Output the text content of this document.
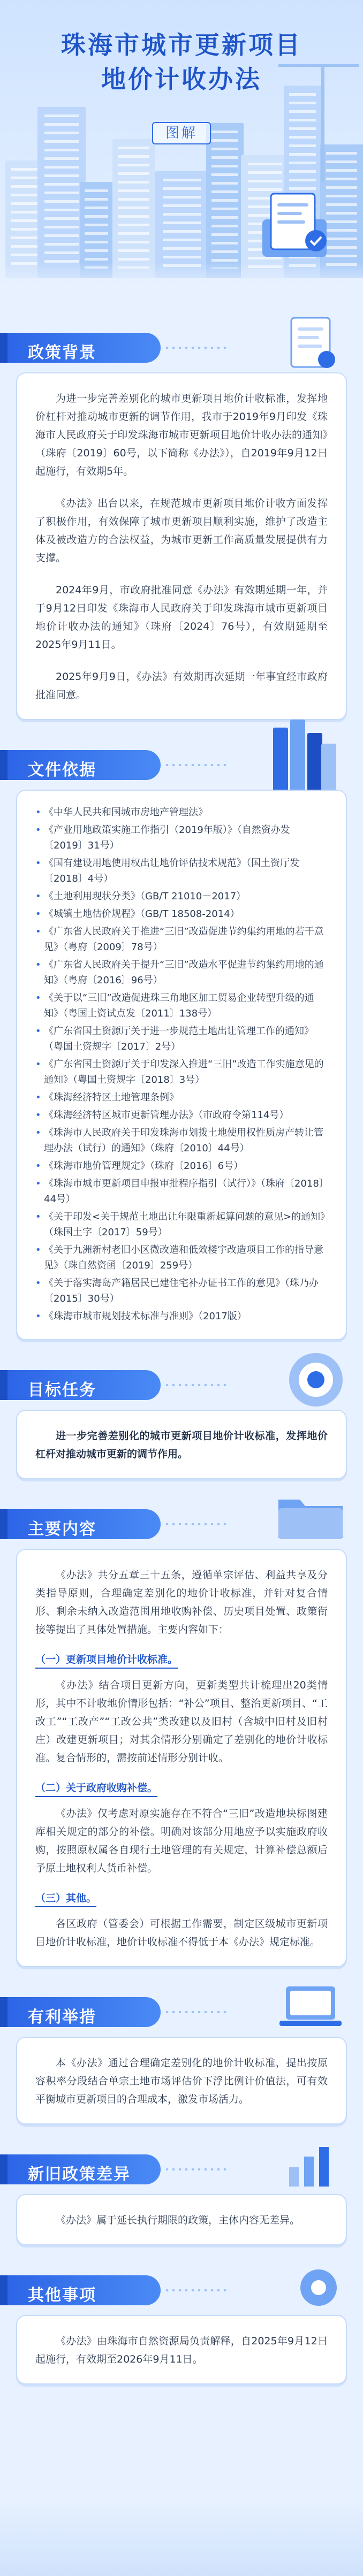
珠海市城市更新项目
地价计收办法
图解
政策背景

为进一步完善差别化的城市更新项目地价计收标准，发挥地价杠杆对推动城市更新的调节作用，我市于2019年9月印发《珠海市人民政府关于印发珠海市城市更新项目地价计收办法的通知》（珠府〔2019〕60号，以下简称《办法》），自2019年9月12日起施行，有效期5年。

《办法》出台以来，在规范城市更新项目地价计收方面发挥了积极作用，有效保障了城市更新项目顺利实施，维护了改造主体及被改造方的合法权益，为城市更新工作高质量发展提供有力支撑。

2024年9月，市政府批准同意《办法》有效期延期一年，并于9月12日印发《珠海市人民政府关于印发珠海市城市更新项目地价计收办法的通知》（珠府〔2024〕76号），有效期延期至2025年9月11日。

2025年9月9日，《办法》有效期再次延期一年事宜经市政府批准同意。

文件依据
• 《中华人民共和国城市房地产管理法》
• 《产业用地政策实施工作指引（2019年版）》（自然资办发〔2019〕31号）
• 《国有建设用地使用权出让地价评估技术规范》（国土资厅发〔2018〕4号）
• 《土地利用现状分类》（GB/T 21010－2017）
• 《城镇土地估价规程》（GB/T 18508-2014）
• 《广东省人民政府关于推进“三旧”改造促进节约集约用地的若干意见》（粤府〔2009〕78号）
• 《广东省人民政府关于提升“三旧”改造水平促进节约集约用地的通知》（粤府〔2016〕96号）
• 《关于以“三旧”改造促进珠三角地区加工贸易企业转型升级的通知》（粤国土资试点发〔2011〕138号）
• 《广东省国土资源厅关于进一步规范土地出让管理工作的通知》（粤国土资规字〔2017〕2号）
• 《广东省国土资源厅关于印发深入推进“三旧”改造工作实施意见的通知》（粤国土资规字〔2018〕3号）
• 《珠海经济特区土地管理条例》
• 《珠海经济特区城市更新管理办法》（市政府令第114号）
• 《珠海市人民政府关于印发珠海市划拨土地使用权性质房产转让管理办法（试行）的通知》（珠府〔2010〕44号）
• 《珠海市地价管理规定》（珠府〔2016〕6号）
• 《珠海市城市更新项目申报审批程序指引（试行）》（珠府〔2018〕44号）
• 《关于印发<关于规范土地出让年限重新起算问题的意见>的通知》（珠国土字〔2017〕59号）
• 《关于九洲新村老旧小区微改造和低效楼宇改造项目工作的指导意见》（珠自然资函〔2019〕259号）
• 《关于落实海岛产籍居民已建住宅补办证书工作的意见》（珠乃办〔2015〕30号）
• 《珠海市城市规划技术标准与准则》（2017版）
目标任务

进一步完善差别化的城市更新项目地价计收标准，发挥地价杠杆对推动城市更新的调节作用。

主要内容

《办法》共分五章三十五条，遵循单宗评估、利益共享及分类指导原则，合理确定差别化的地价计收标准，并针对复合情形、剩余未纳入改造范围用地收购补偿、历史项目处置、政策衔接等提出了具体处置措施。主要内容如下：

（一）更新项目地价计收标准。

《办法》结合项目更新方向，更新类型共计梳理出20类情形，其中不计收地价情形包括：“补公”项目、整治更新项目、“工改工”“工改产”“工改公共”类改建以及旧村（含城中旧村及旧村庄）改建更新项目；对其余情形分别确定了差别化的地价计收标准。复合情形的，需按前述情形分别计收。

（二）关于政府收购补偿。

《办法》仅考虑对原实施存在不符合“三旧”改造地块标图建库相关规定的部分的补偿。明确对该部分用地应予以实施政府收购，按照原权属各自现行土地管理的有关规定，计算补偿总额后予原土地权利人货币补偿。

（三）其他。

各区政府（管委会）可根据工作需要，制定区级城市更新项目地价计收标准，地价计收标准不得低于本《办法》规定标准。

有利举措

本《办法》通过合理确定差别化的地价计收标准，提出按原容积率分段结合单宗土地市场评估价下浮比例计价值法，可有效平衡城市更新项目的合理成本，激发市场活力。

新旧政策差异

《办法》属于延长执行期限的政策，主体内容无差异。

其他事项

《办法》由珠海市自然资源局负责解释，自2025年9月12日起施行，有效期至2026年9月11日。
